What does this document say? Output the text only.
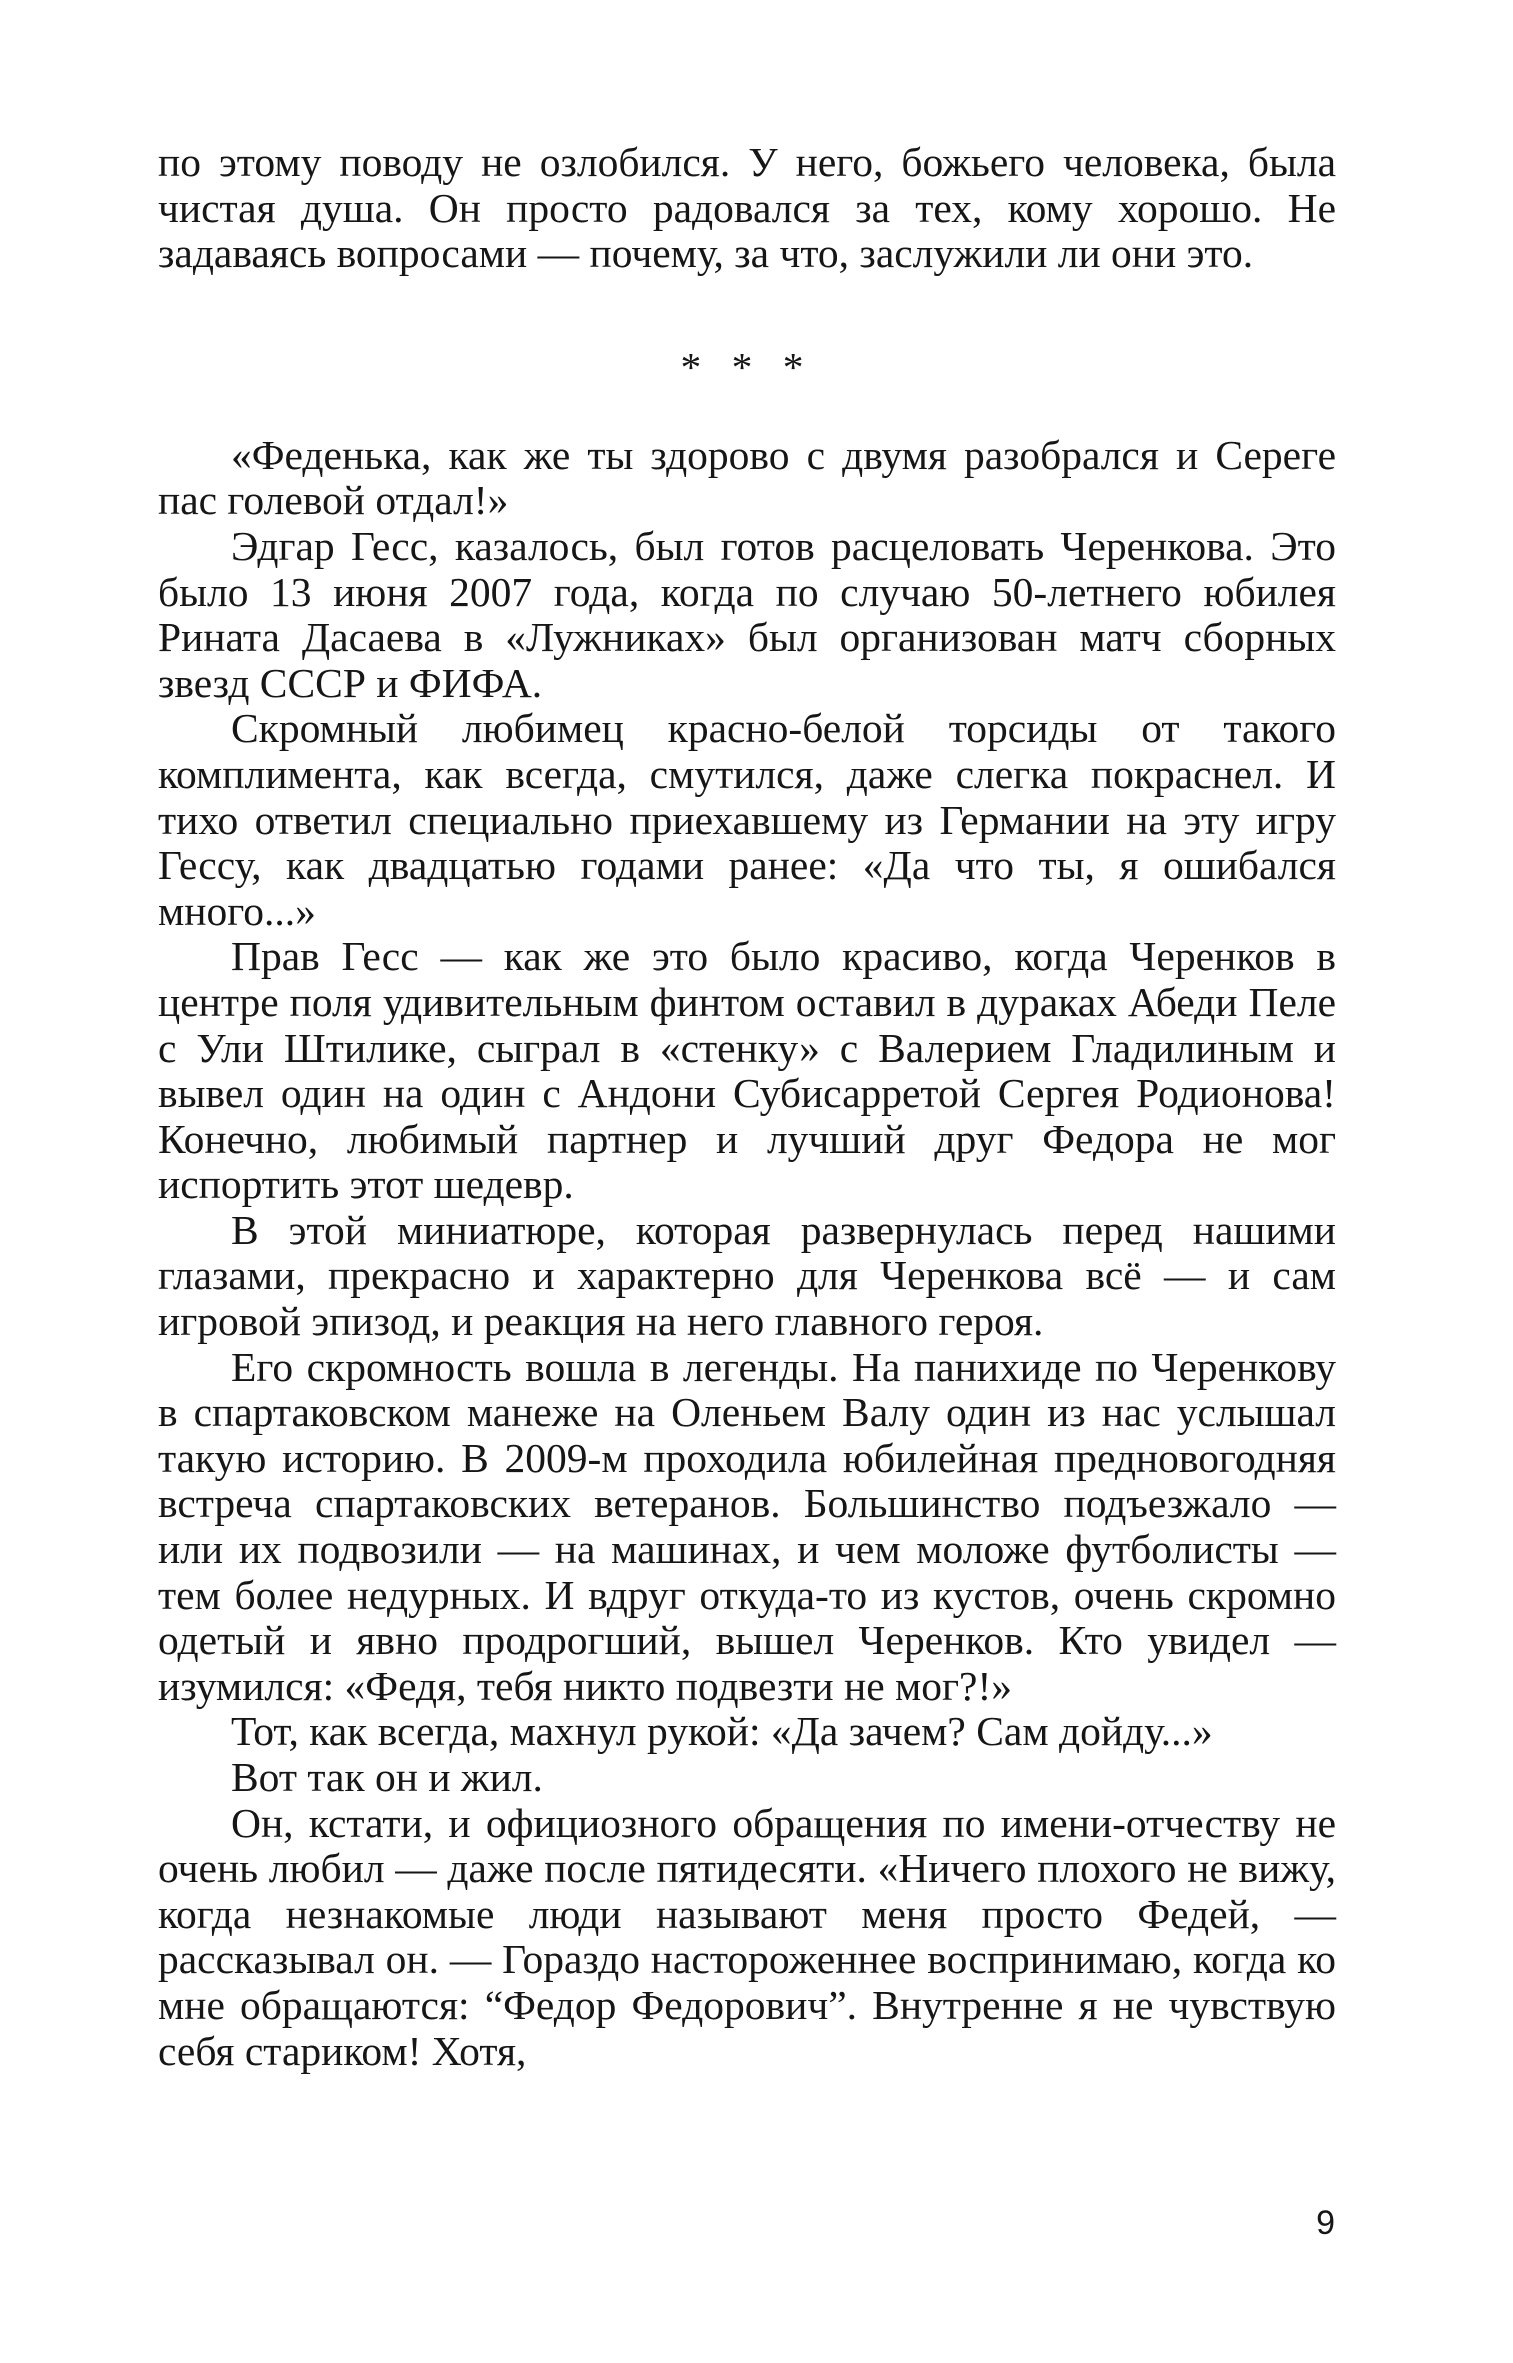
по этому поводу не озлобился. У него, божьего человека, была чистая душа. Он просто радовался за тех, кому хорошо. Не задаваясь вопросами — почему, за что, заслужили ли они это.

* * *

«Феденька, как же ты здорово с двумя разобрался и Сереге пас голевой отдал!»

Эдгар Гесс, казалось, был готов расцеловать Черенкова. Это было 13 июня 2007 года, когда по случаю 50-летнего юбилея Рината Дасаева в «Лужниках» был организован матч сборных звезд СССР и ФИФА.

Скромный любимец красно-белой торсиды от такого комплимента, как всегда, смутился, даже слегка покраснел. И тихо ответил специально приехавшему из Германии на эту игру Гессу, как двадцатью годами ранее: «Да что ты, я ошибался много...»

Прав Гесс — как же это было красиво, когда Черенков в центре поля удивительным финтом оставил в дураках Абеди Пеле с Ули Штилике, сыграл в «стенку» с Валерием Гладилиным и вывел один на один с Андони Субисарретой Сергея Родионова! Конечно, любимый партнер и лучший друг Федора не мог испортить этот шедевр.

В этой миниатюре, которая развернулась перед нашими глазами, прекрасно и характерно для Черенкова всё — и сам игровой эпизод, и реакция на него главного героя.

Его скромность вошла в легенды. На панихиде по Черенкову в спартаковском манеже на Оленьем Валу один из нас услышал такую историю. В 2009-м проходила юбилейная предновогодняя встреча спартаковских ветеранов. Большинство подъезжало — или их подвозили — на машинах, и чем моложе футболисты — тем более недурных. И вдруг откуда-то из кустов, очень скромно одетый и явно продрогший, вышел Черенков. Кто увидел — изумился: «Федя, тебя никто подвезти не мог?!»

Тот, как всегда, махнул рукой: «Да зачем? Сам дойду...»

Вот так он и жил.

Он, кстати, и официозного обращения по имени-отчеству не очень любил — даже после пятидесяти. «Ничего плохого не вижу, когда незнакомые люди называют меня просто Федей, — рассказывал он. — Гораздо настороженнее воспринимаю, когда ко мне обращаются: “Федор Федорович”. Внутренне я не чувствую себя стариком! Хотя,

9
